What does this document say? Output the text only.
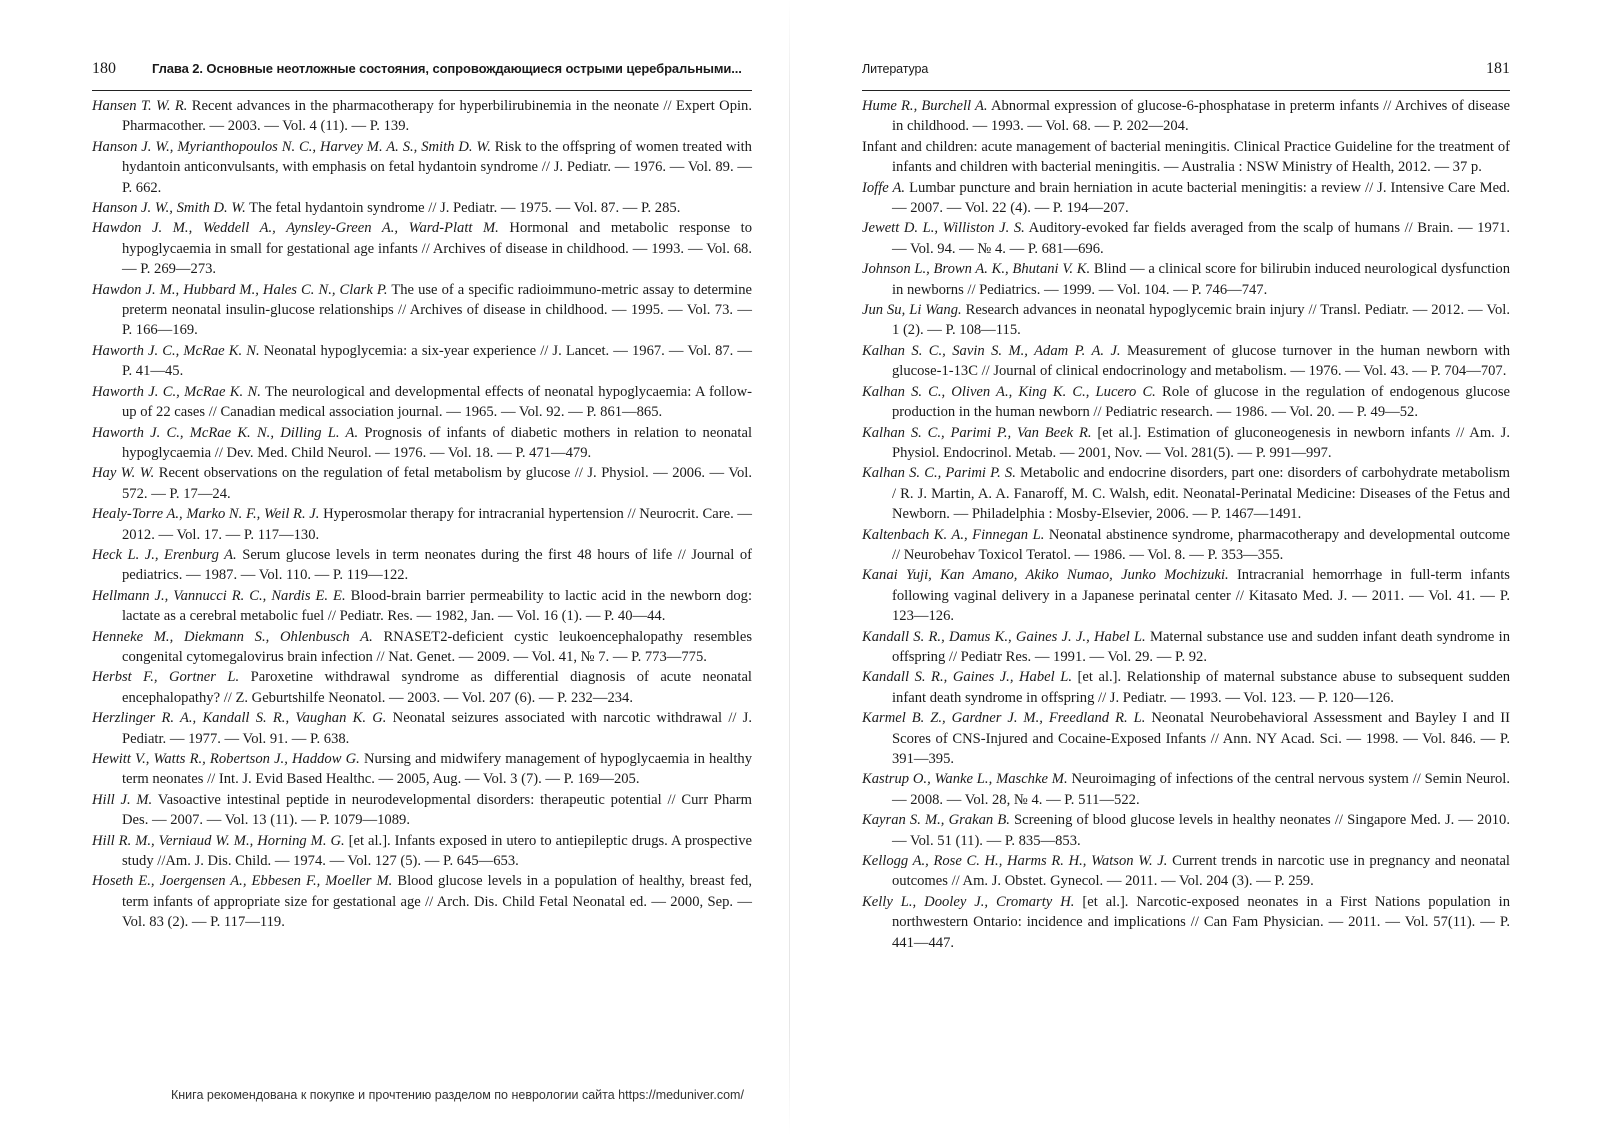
180	Глава 2. Основные неотложные состояния, сопровождающиеся острыми церебральными...
Hansen T. W. R. Recent advances in the pharmacotherapy for hyperbilirubinemia in the neonate // Expert Opin. Pharmacother. — 2003. — Vol. 4 (11). — P. 139.
Hanson J. W., Myrianthopoulos N. C., Harvey M. A. S., Smith D. W. Risk to the offspring of women treated with hydantoin anticonvulsants, with emphasis on fetal hydantoin syndrome // J. Pediatr. — 1976. — Vol. 89. — P. 662.
Hanson J. W., Smith D. W. The fetal hydantoin syndrome // J. Pediatr. — 1975. — Vol. 87. — P. 285.
Hawdon J. M., Weddell A., Aynsley-Green A., Ward-Platt M. Hormonal and metabolic response to hypoglycaemia in small for gestational age infants // Archives of disease in childhood. — 1993. — Vol. 68. — P. 269—273.
Hawdon J. M., Hubbard M., Hales C. N., Clark P. The use of a specific radioimmuno-metric assay to determine preterm neonatal insulin-glucose relationships // Archives of disease in childhood. — 1995. — Vol. 73. — P. 166—169.
Haworth J. C., McRae K. N. Neonatal hypoglycemia: a six-year experience // J. Lancet. — 1967. — Vol. 87. — P. 41—45.
Haworth J. C., McRae K. N. The neurological and developmental effects of neonatal hypoglycaemia: A follow-up of 22 cases // Canadian medical association journal. — 1965. — Vol. 92. — P. 861—865.
Haworth J. C., McRae K. N., Dilling L. A. Prognosis of infants of diabetic mothers in relation to neonatal hypoglycaemia // Dev. Med. Child Neurol. — 1976. — Vol. 18. — P. 471—479.
Hay W. W. Recent observations on the regulation of fetal metabolism by glucose // J. Physiol. — 2006. — Vol. 572. — P. 17—24.
Healy-Torre A., Marko N. F., Weil R. J. Hyperosmolar therapy for intracranial hypertension // Neurocrit. Care. — 2012. — Vol. 17. — P. 117—130.
Heck L. J., Erenburg A. Serum glucose levels in term neonates during the first 48 hours of life // Journal of pediatrics. — 1987. — Vol. 110. — P. 119—122.
Hellmann J., Vannucci R. C., Nardis E. E. Blood-brain barrier permeability to lactic acid in the newborn dog: lactate as a cerebral metabolic fuel // Pediatr. Res. — 1982, Jan. — Vol. 16 (1). — P. 40—44.
Henneke M., Diekmann S., Ohlenbusch A. RNASET2-deficient cystic leukoencephalopathy resembles congenital cytomegalovirus brain infection // Nat. Genet. — 2009. — Vol. 41, № 7. — P. 773—775.
Herbst F., Gortner L. Paroxetine withdrawal syndrome as differential diagnosis of acute neonatal encephalopathy? // Z. Geburtshilfe Neonatol. — 2003. — Vol. 207 (6). — P. 232—234.
Herzlinger R. A., Kandall S. R., Vaughan K. G. Neonatal seizures associated with narcotic withdrawal // J. Pediatr. — 1977. — Vol. 91. — P. 638.
Hewitt V., Watts R., Robertson J., Haddow G. Nursing and midwifery management of hypoglycaemia in healthy term neonates // Int. J. Evid Based Healthc. — 2005, Aug. — Vol. 3 (7). — P. 169—205.
Hill J. M. Vasoactive intestinal peptide in neurodevelopmental disorders: therapeutic potential // Curr Pharm Des. — 2007. — Vol. 13 (11). — P. 1079—1089.
Hill R. M., Verniaud W. M., Horning M. G. [et al.]. Infants exposed in utero to antiepileptic drugs. A prospective study //Am. J. Dis. Child. — 1974. — Vol. 127 (5). — P. 645—653.
Hoseth E., Joergensen A., Ebbesen F., Moeller M. Blood glucose levels in a population of healthy, breast fed, term infants of appropriate size for gestational age // Arch. Dis. Child Fetal Neonatal ed. — 2000, Sep. — Vol. 83 (2). — P. 117—119.
Литература	181
Hume R., Burchell A. Abnormal expression of glucose-6-phosphatase in preterm infants // Archives of disease in childhood. — 1993. — Vol. 68. — P. 202—204.
Infant and children: acute management of bacterial meningitis. Clinical Practice Guideline for the treatment of infants and children with bacterial meningitis. — Australia : NSW Ministry of Health, 2012. — 37 p.
Ioffe A. Lumbar puncture and brain herniation in acute bacterial meningitis: a review // J. Intensive Care Med. — 2007. — Vol. 22 (4). — P. 194—207.
Jewett D. L., Williston J. S. Auditory-evoked far fields averaged from the scalp of humans // Brain. — 1971. — Vol. 94. — № 4. — P. 681—696.
Johnson L., Brown A. K., Bhutani V. K. Blind — a clinical score for bilirubin induced neurological dysfunction in newborns // Pediatrics. — 1999. — Vol. 104. — P. 746—747.
Jun Su, Li Wang. Research advances in neonatal hypoglycemic brain injury // Transl. Pediatr. — 2012. — Vol. 1 (2). — P. 108—115.
Kalhan S. C., Savin S. M., Adam P. A. J. Measurement of glucose turnover in the human newborn with glucose-1-13C // Journal of clinical endocrinology and metabolism. — 1976. — Vol. 43. — P. 704—707.
Kalhan S. C., Oliven A., King K. C., Lucero C. Role of glucose in the regulation of endogenous glucose production in the human newborn // Pediatric research. — 1986. — Vol. 20. — P. 49—52.
Kalhan S. C., Parimi P., Van Beek R. [et al.]. Estimation of gluconeogenesis in newborn infants // Am. J. Physiol. Endocrinol. Metab. — 2001, Nov. — Vol. 281(5). — P. 991—997.
Kalhan S. C., Parimi P. S. Metabolic and endocrine disorders, part one: disorders of carbohydrate metabolism / R. J. Martin, A. A. Fanaroff, M. C. Walsh, edit. Neonatal-Perinatal Medicine: Diseases of the Fetus and Newborn. — Philadelphia : Mosby-Elsevier, 2006. — P. 1467—1491.
Kaltenbach K. A., Finnegan L. Neonatal abstinence syndrome, pharmacotherapy and developmental outcome // Neurobehav Toxicol Teratol. — 1986. — Vol. 8. — P. 353—355.
Kanai Yuji, Kan Amano, Akiko Numao, Junko Mochizuki. Intracranial hemorrhage in full-term infants following vaginal delivery in a Japanese perinatal center // Kitasato Med. J. — 2011. — Vol. 41. — P. 123—126.
Kandall S. R., Damus K., Gaines J. J., Habel L. Maternal substance use and sudden infant death syndrome in offspring // Pediatr Res. — 1991. — Vol. 29. — P. 92.
Kandall S. R., Gaines J., Habel L. [et al.]. Relationship of maternal substance abuse to subsequent sudden infant death syndrome in offspring // J. Pediatr. — 1993. — Vol. 123. — P. 120—126.
Karmel B. Z., Gardner J. M., Freedland R. L. Neonatal Neurobehavioral Assessment and Bayley I and II Scores of CNS-Injured and Cocaine-Exposed Infants // Ann. NY Acad. Sci. — 1998. — Vol. 846. — P. 391—395.
Kastrup O., Wanke L., Maschke M. Neuroimaging of infections of the central nervous system // Semin Neurol. — 2008. — Vol. 28, № 4. — P. 511—522.
Kayran S. M., Grakan B. Screening of blood glucose levels in healthy neonates // Singapore Med. J. — 2010. — Vol. 51 (11). — P. 835—853.
Kellogg A., Rose C. H., Harms R. H., Watson W. J. Current trends in narcotic use in pregnancy and neonatal outcomes // Am. J. Obstet. Gynecol. — 2011. — Vol. 204 (3). — P. 259.
Kelly L., Dooley J., Cromarty H. [et al.]. Narcotic-exposed neonates in a First Nations population in northwestern Ontario: incidence and implications // Can Fam Physician. — 2011. — Vol. 57(11). — P. 441—447.
Книга рекомендована к покупке и прочтению разделом по неврологии сайта https://meduniver.com/
